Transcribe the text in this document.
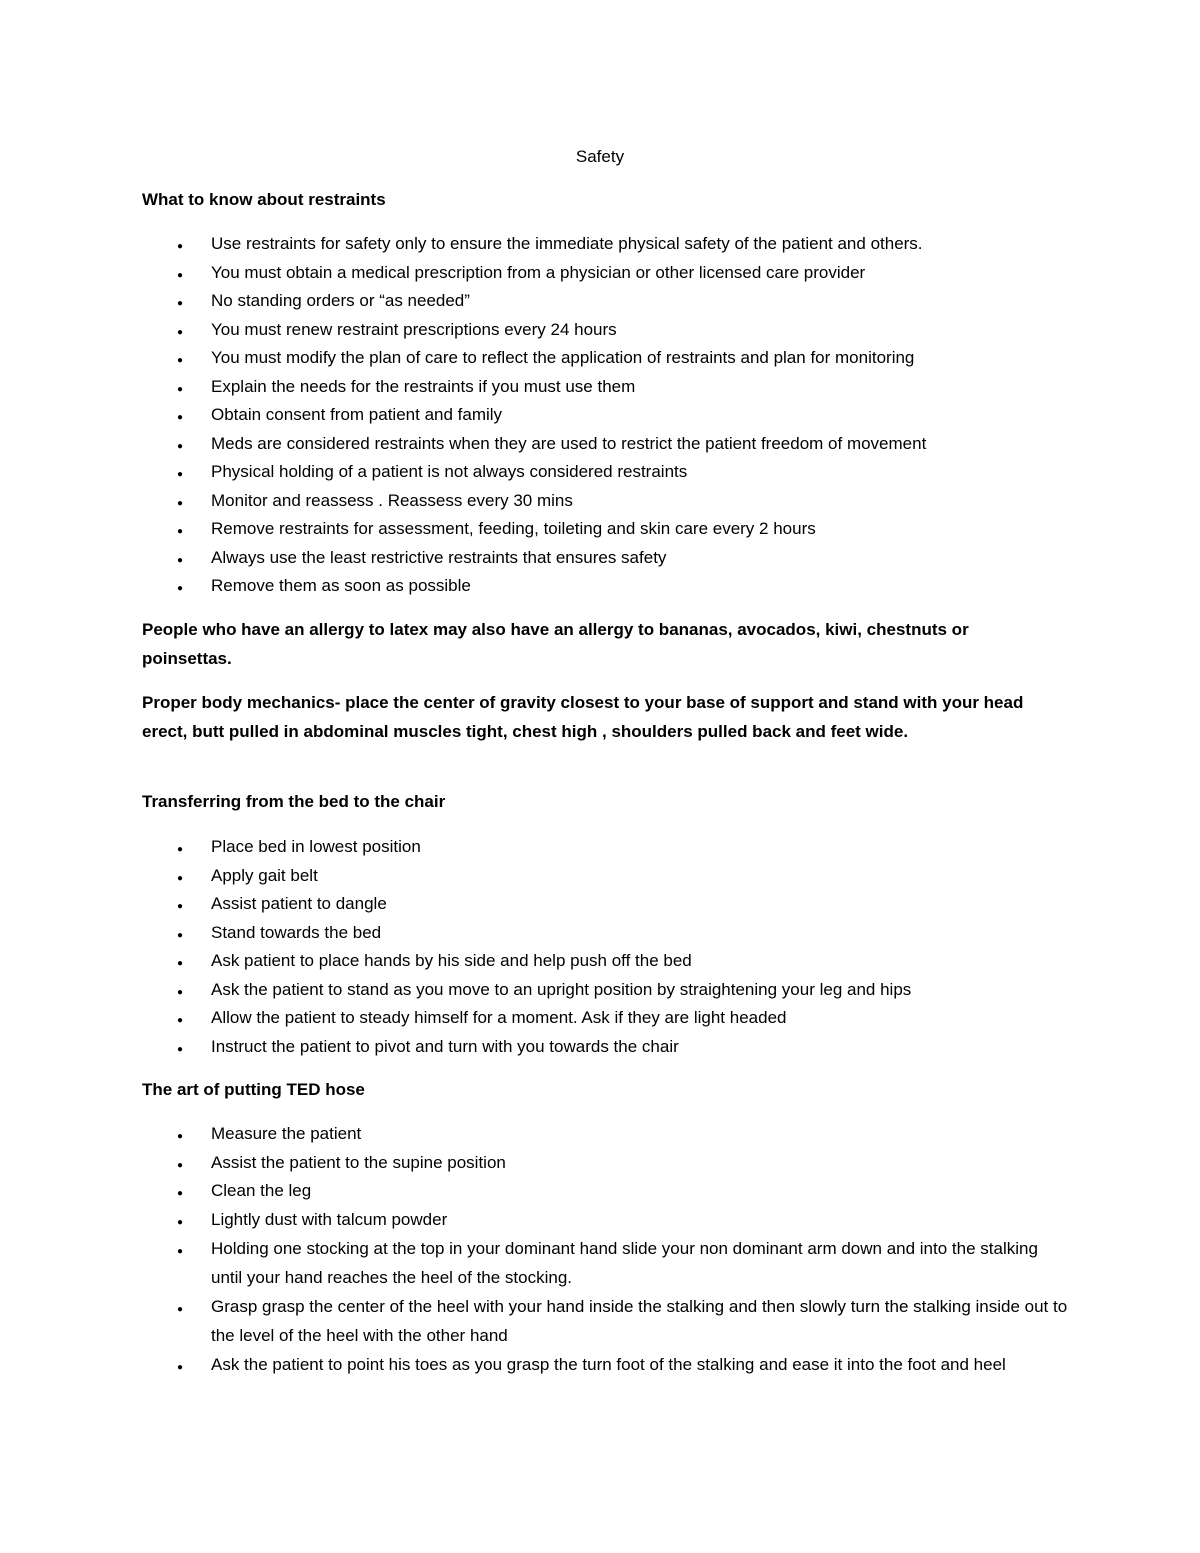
Safety
What to know about restraints
●
Use restraints for safety only to ensure the immediate physical safety of the patient and others.
●
You must obtain a medical prescription from a physician or other licensed care provider
●
No standing orders or “as needed”
●
You must renew restraint prescriptions every 24 hours
●
You must modify the plan of care to reflect the application of restraints and plan for monitoring
●
Explain the needs for the restraints if you must use them
●
Obtain consent from patient and family
●
Meds are considered restraints when they are used to restrict the patient freedom of movement
●
Physical holding of a patient is not always considered restraints
●
Monitor and reassess . Reassess every 30 mins
●
Remove restraints for assessment, feeding, toileting and skin care every 2 hours
●
Always use the least restrictive restraints that ensures safety
●
Remove them as soon as possible
People who have an allergy to latex may also have an allergy to bananas, avocados, kiwi, chestnuts or poinsettas.
Proper body mechanics- place the center of gravity closest to your base of support and stand with your head erect, butt pulled in abdominal muscles tight, chest high , shoulders pulled back and feet wide.
Transferring from the bed to the chair
●
Place bed in lowest position
●
Apply gait belt
●
Assist patient to dangle
●
Stand towards the bed
●
Ask patient to place hands by his side and help push off the bed
●
Ask the patient to stand as you move to an upright position by straightening your leg and hips
●
Allow the patient to steady himself for a moment. Ask if they are light headed
●
Instruct the patient to pivot and turn with you towards the chair
The art of putting TED hose
●
Measure the patient
●
Assist the patient to the supine position
●
Clean the leg
●
Lightly dust with talcum powder
●
Holding one stocking at the top in your dominant hand slide your non dominant arm down and into the stalking until your hand reaches the heel of the stocking.
●
Grasp grasp the center of the heel with your hand inside the stalking and then slowly turn the stalking inside out to the level of the heel with the other hand
●
Ask the patient to point his toes as you grasp the turn foot of the stalking and ease it into the foot and heel
